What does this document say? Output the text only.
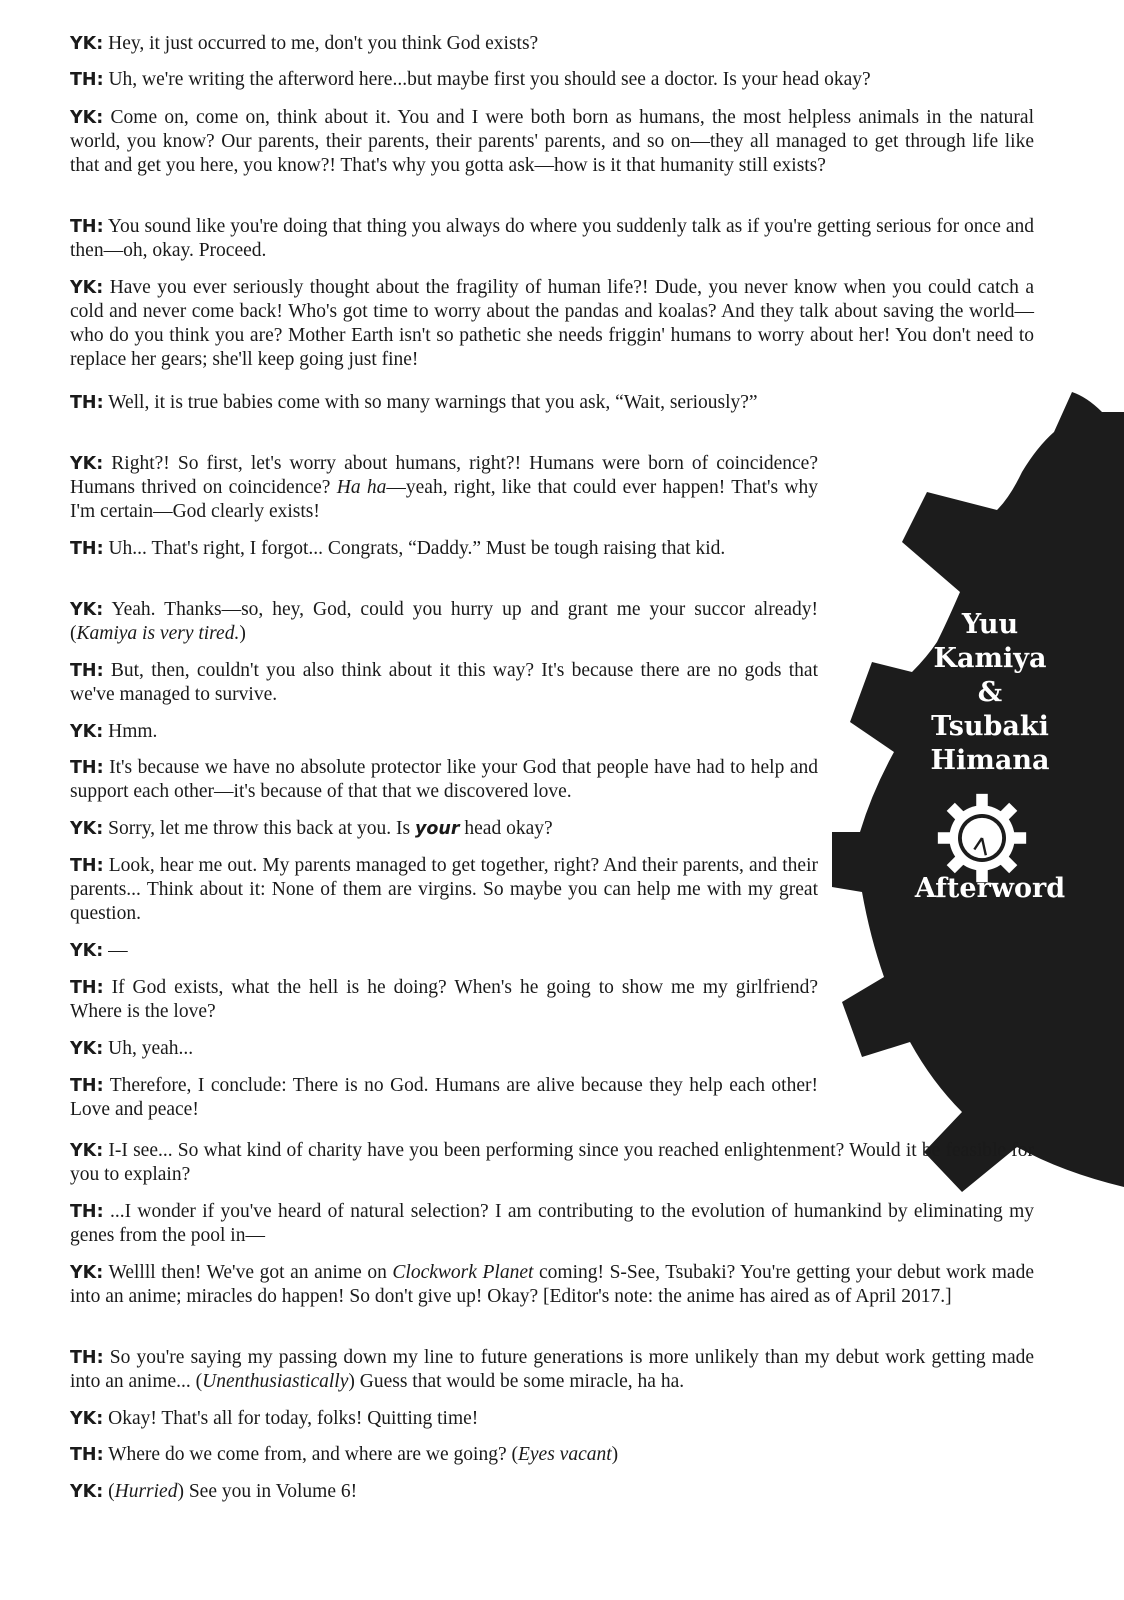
Yuu
Kamiya
&
Tsubaki
Himana
Afterword

YK: Hey, it just occurred to me, don't you think God exists?

TH: Uh, we're writing the afterword here...but maybe first you should see a doctor. Is your head okay?

YK: Come on, come on, think about it. You and I were both born as humans, the most helpless animals in the natural world, you know? Our parents, their parents, their parents' parents, and so on—they all managed to get through life like that and get you here, you know?! That's why you gotta ask—how is it that humanity still exists?

TH: You sound like you're doing that thing you always do where you suddenly talk as if you're getting serious for once and then—oh, okay. Proceed.

YK: Have you ever seriously thought about the fragility of human life?! Dude, you never know when you could catch a cold and never come back! Who's got time to worry about the pandas and koalas? And they talk about saving the world—who do you think you are? Mother Earth isn't so pathetic she needs friggin' humans to worry about her! You don't need to replace her gears; she'll keep going just fine!

TH: Well, it is true babies come with so many warnings that you ask, “Wait, seriously?”

YK: Right?! So first, let's worry about humans, right?! Humans were born of coincidence? Humans thrived on coincidence? Ha ha—yeah, right, like that could ever happen! That's why I'm certain—God clearly exists!

TH: Uh... That's right, I forgot... Congrats, “Daddy.” Must be tough raising that kid.

YK: Yeah. Thanks—so, hey, God, could you hurry up and grant me your succor already! (Kamiya is very tired.)

TH: But, then, couldn't you also think about it this way? It's because there are no gods that we've managed to survive.

YK: Hmm.

TH: It's because we have no absolute protector like your God that people have had to help and support each other—it's because of that that we discovered love.

YK: Sorry, let me throw this back at you. Is your head okay?

TH: Look, hear me out. My parents managed to get together, right? And their parents, and their parents... Think about it: None of them are virgins. So maybe you can help me with my great question.

YK: —

TH: If God exists, what the hell is he doing? When's he going to show me my girlfriend? Where is the love?

YK: Uh, yeah...

TH: Therefore, I conclude: There is no God. Humans are alive because they help each other! Love and peace!

YK: I-I see... So what kind of charity have you been performing since you reached enlightenment? Would it be feasible for you to explain?

TH: ...I wonder if you've heard of natural selection? I am contributing to the evolution of humankind by eliminating my genes from the pool in—

YK: Wellll then! We've got an anime on Clockwork Planet coming! S-See, Tsubaki? You're getting your debut work made into an anime; miracles do happen! So don't give up! Okay? [Editor's note: the anime has aired as of April 2017.]

TH: So you're saying my passing down my line to future generations is more unlikely than my debut work getting made into an anime... (Unenthusiastically) Guess that would be some miracle, ha ha.

YK: Okay! That's all for today, folks! Quitting time!

TH: Where do we come from, and where are we going? (Eyes vacant)

YK: (Hurried) See you in Volume 6!
